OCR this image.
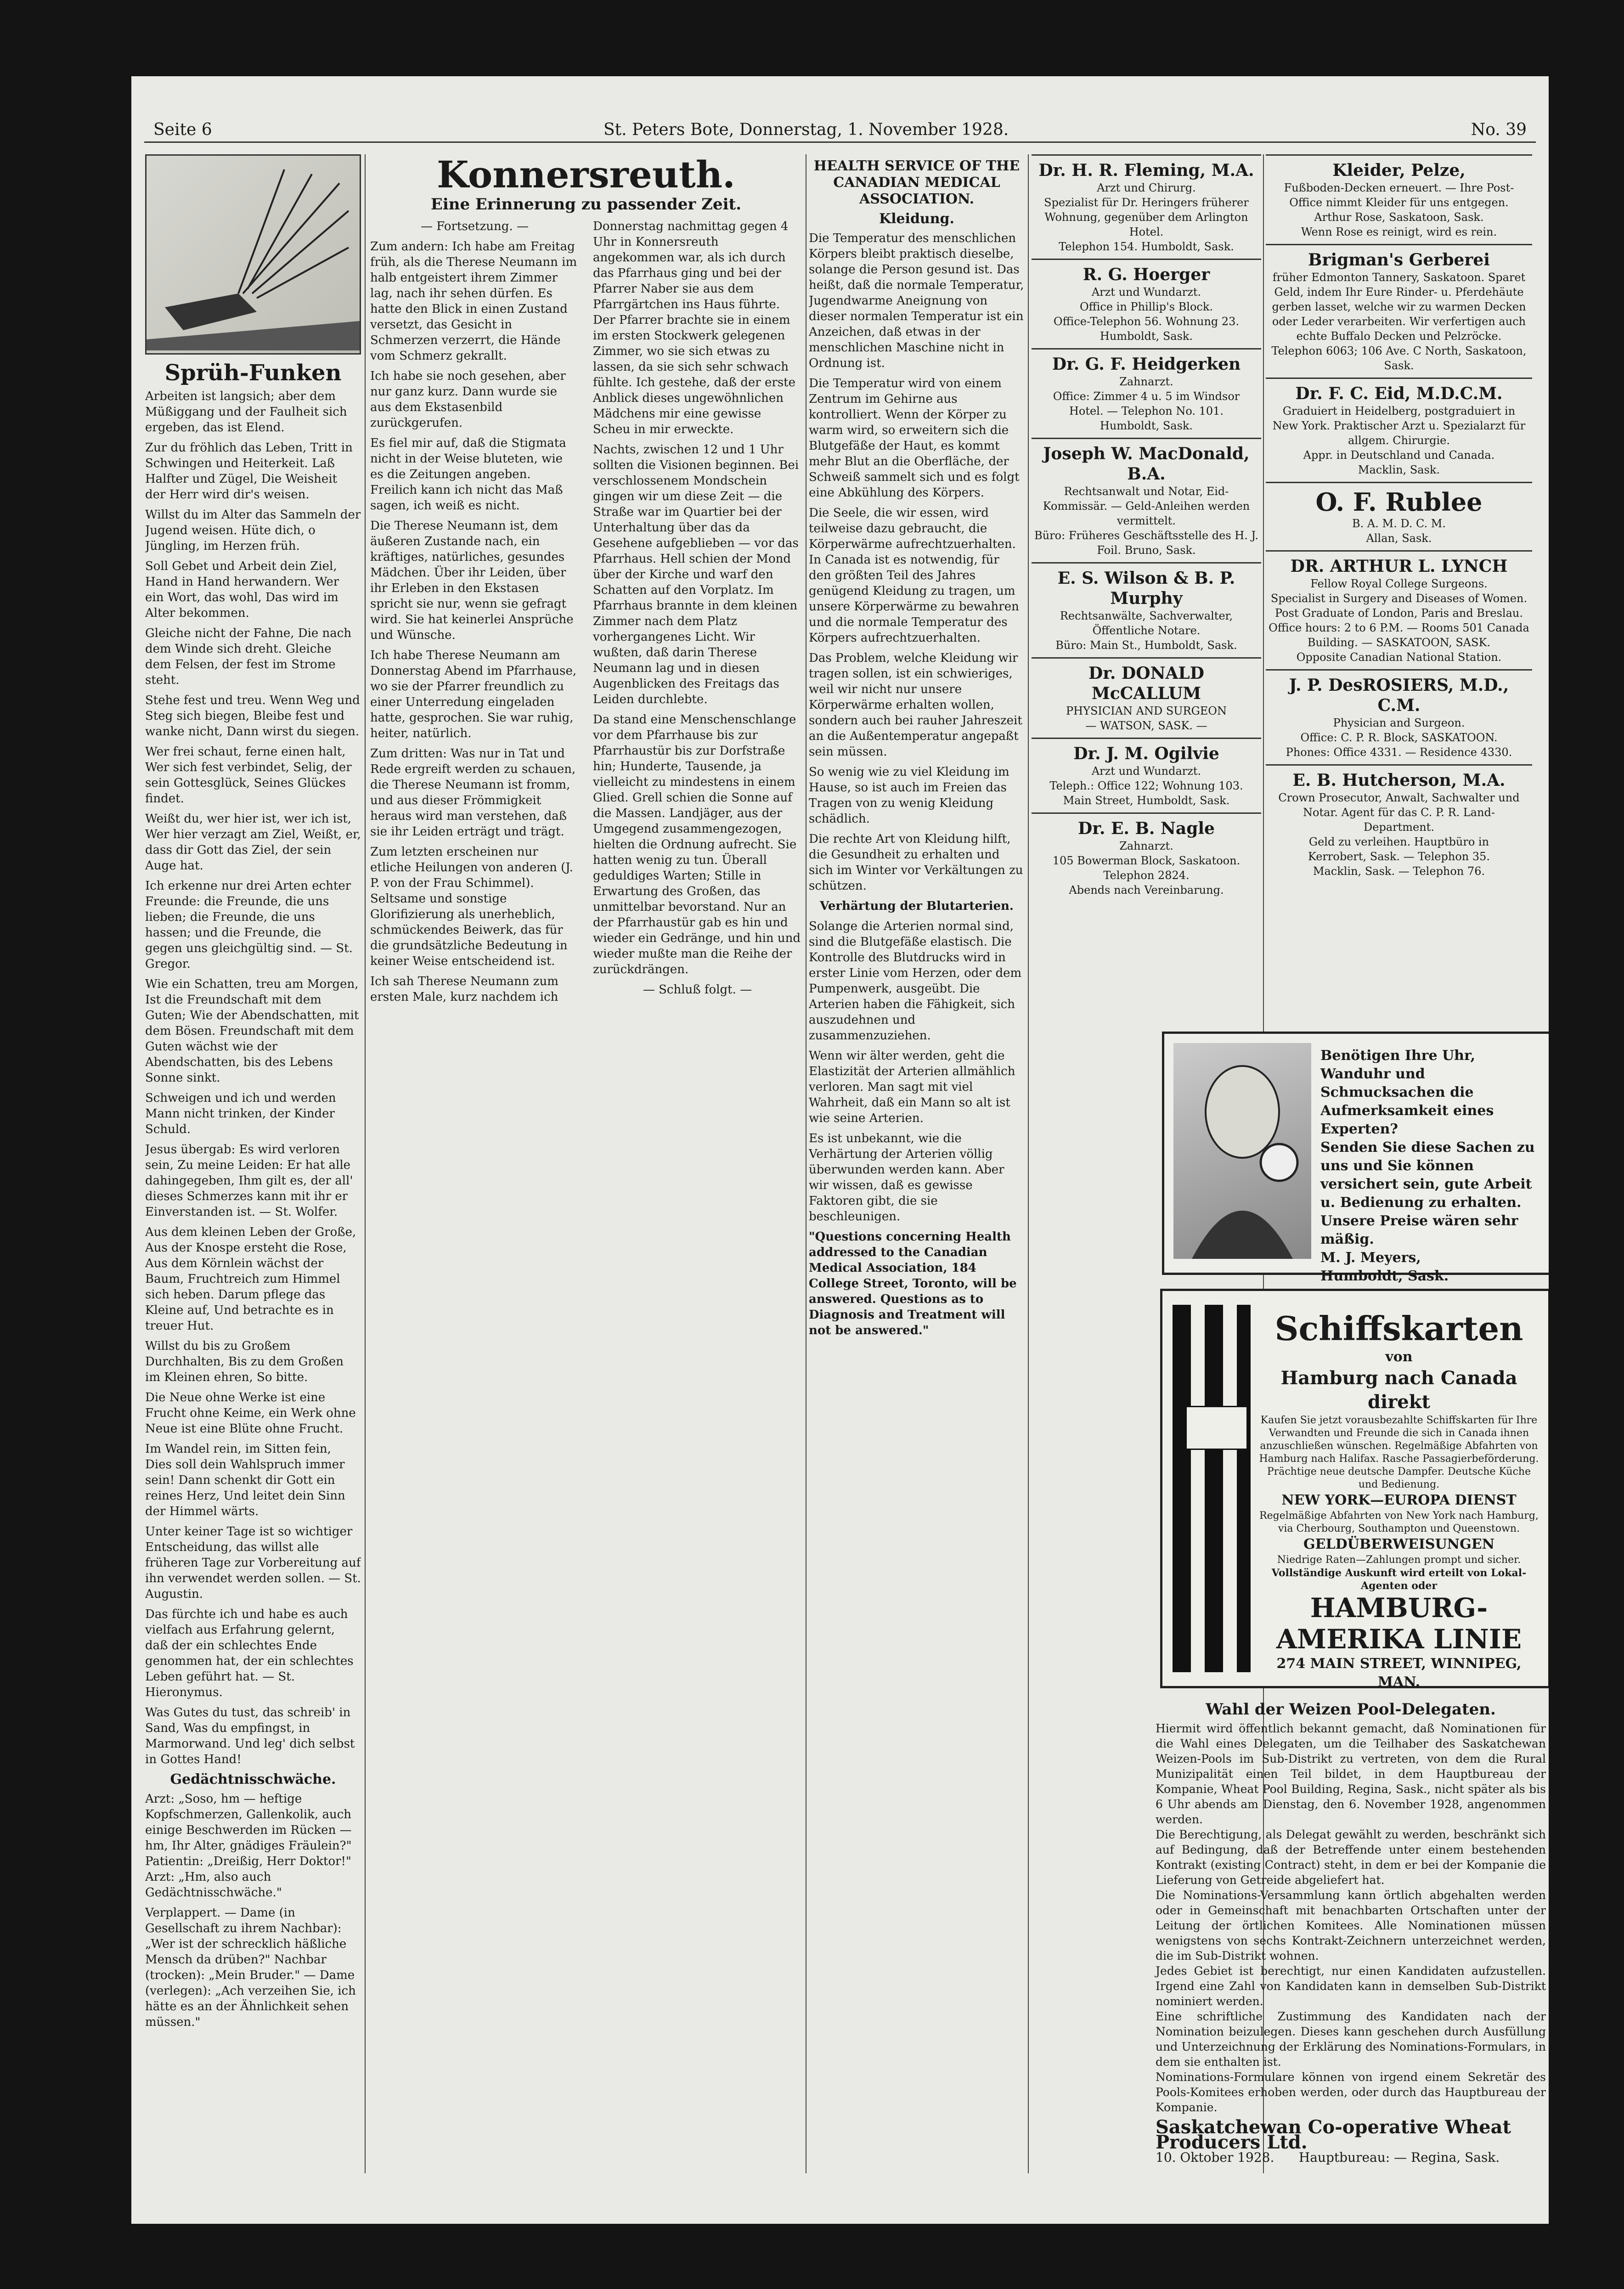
Seite 6	St. Peters Bote, Donnerstag, 1. November 1928.	No. 39
Sprüh-Funken
Arbeiten ist langsich; aber dem Müßiggang und der Faulheit sich ergeben, das ist Elend.
Zur du fröhlich das Leben, Tritt in Schwingen und Heiterkeit. Laß Halfter und Zügel, Die Weisheit der Herr wird dir's weisen.
Willst du im Alter das Sammeln der Jugend weisen. Hüte dich, o Jüngling, im Herzen früh.
Soll Gebet und Arbeit dein Ziel, Hand in Hand herwandern. Wer ein Wort, das wohl, Das wird im Alter bekommen.
Gleiche nicht der Fahne, Die nach dem Winde sich dreht. Gleiche dem Felsen, der fest im Strome steht.
Stehe fest und treu. Wenn Weg und Steg sich biegen, Bleibe fest und wanke nicht, Dann wirst du siegen.
Wer frei schaut, ferne einen halt, Wer sich fest verbindet, Selig, der sein Gottesglück, Seines Glückes findet.
Weißt du, wer hier ist, wer ich ist, Wer hier verzagt am Ziel, Weißt, er, dass dir Gott das Ziel, der sein Auge hat.
Ich erkenne nur drei Arten echter Freunde: die Freunde, die uns lieben; die Freunde, die uns hassen; und die Freunde, die gegen uns gleichgültig sind. — St. Gregor.
Wie ein Schatten, treu am Morgen, Ist die Freundschaft mit dem Guten; Wie der Abendschatten, mit dem Bösen. Freundschaft mit dem Guten wächst wie der Abendschatten, bis des Lebens Sonne sinkt.
Schweigen und ich und werden Mann nicht trinken, der Kinder Schuld.
Jesus übergab: Es wird verloren sein, Zu meine Leiden: Er hat alle dahingegeben, Ihm gilt es, der all' dieses Schmerzes kann mit ihr er Einverstanden ist. — St. Wolfer.
Aus dem kleinen Leben der Große, Aus der Knospe ersteht die Rose, Aus dem Körnlein wächst der Baum, Fruchtreich zum Himmel sich heben. Darum pflege das Kleine auf, Und betrachte es in treuer Hut.
Willst du bis zu Großem Durchhalten, Bis zu dem Großen im Kleinen ehren, So bitte.
Die Neue ohne Werke ist eine Frucht ohne Keime, ein Werk ohne Neue ist eine Blüte ohne Frucht.
Im Wandel rein, im Sitten fein, Dies soll dein Wahlspruch immer sein! Dann schenkt dir Gott ein reines Herz, Und leitet dein Sinn der Himmel wärts.
Unter keiner Tage ist so wichtiger Entscheidung, das willst alle früheren Tage zur Vorbereitung auf ihn verwendet werden sollen. — St. Augustin.
Das fürchte ich und habe es auch vielfach aus Erfahrung gelernt, daß der ein schlechtes Ende genommen hat, der ein schlechtes Leben geführt hat. — St. Hieronymus.
Was Gutes du tust, das schreib' in Sand, Was du empfingst, in Marmorwand. Und leg' dich selbst in Gottes Hand!
Gedächtnisschwäche.
Arzt: „Soso, hm — heftige Kopfschmerzen, Gallenkolik, auch einige Beschwerden im Rücken — hm, Ihr Alter, gnädiges Fräulein?" Patientin: „Dreißig, Herr Doktor!" Arzt: „Hm, also auch Gedächtnisschwäche."
Verplappert. — Dame (in Gesellschaft zu ihrem Nachbar): „Wer ist der schrecklich häßliche Mensch da drüben?" Nachbar (trocken): „Mein Bruder." — Dame (verlegen): „Ach verzeihen Sie, ich hätte es an der Ähnlichkeit sehen müssen."
Konnersreuth.
Eine Erinnerung zu passender Zeit.
— Fortsetzung. —
Zum andern: Ich habe am Freitag früh, als die Therese Neumann im halb entgeistert ihrem Zimmer lag, nach ihr sehen dürfen. Es hatte den Blick in einen Zustand versetzt, das Gesicht in Schmerzen verzerrt, die Hände vom Schmerz gekrallt.
Ich habe sie noch gesehen, aber nur ganz kurz. Dann wurde sie aus dem Ekstasenbild zurückgerufen.
Es fiel mir auf, daß die Stigmata nicht in der Weise bluteten, wie es die Zeitungen angeben. Freilich kann ich nicht das Maß sagen, ich weiß es nicht.
Die Therese Neumann ist, dem äußeren Zustande nach, ein kräftiges, natürliches, gesundes Mädchen. Über ihr Leiden, über ihr Erleben in den Ekstasen spricht sie nur, wenn sie gefragt wird. Sie hat keinerlei Ansprüche und Wünsche.
Ich habe Therese Neumann am Donnerstag Abend im Pfarrhause, wo sie der Pfarrer freundlich zu einer Unterredung eingeladen hatte, gesprochen. Sie war ruhig, heiter, natürlich.
Zum dritten: Was nur in Tat und Rede ergreift werden zu schauen, die Therese Neumann ist fromm, und aus dieser Frömmigkeit heraus wird man verstehen, daß sie ihr Leiden erträgt und trägt.
Zum letzten erscheinen nur etliche Heilungen von anderen (J. P. von der Frau Schimmel). Seltsame und sonstige Glorifizierung als unerheblich, schmückendes Beiwerk, das für die grundsätzliche Bedeutung in keiner Weise entscheidend ist.
Ich sah Therese Neumann zum ersten Male, kurz nachdem ich Donnerstag nachmittag gegen 4 Uhr in Konnersreuth angekommen war, als ich durch das Pfarrhaus ging und bei der Pfarrer Naber sie aus dem Pfarrgärtchen ins Haus führte. Der Pfarrer brachte sie in einem im ersten Stockwerk gelegenen Zimmer, wo sie sich etwas zu lassen, da sie sich sehr schwach fühlte. Ich gestehe, daß der erste Anblick dieses ungewöhnlichen Mädchens mir eine gewisse Scheu in mir erweckte.
Nachts, zwischen 12 und 1 Uhr sollten die Visionen beginnen. Bei verschlossenem Mondschein gingen wir um diese Zeit — die Straße war im Quartier bei der Unterhaltung über das da Gesehene aufgeblieben — vor das Pfarrhaus. Hell schien der Mond über der Kirche und warf den Schatten auf den Vorplatz. Im Pfarrhaus brannte in dem kleinen Zimmer nach dem Platz vorhergangenes Licht. Wir wußten, daß darin Therese Neumann lag und in diesen Augenblicken des Freitags das Leiden durchlebte.
Da stand eine Menschenschlange vor dem Pfarrhause bis zur Pfarrhaustür bis zur Dorfstraße hin; Hunderte, Tausende, ja vielleicht zu mindestens in einem Glied. Grell schien die Sonne auf die Massen. Landjäger, aus der Umgegend zusammengezogen, hielten die Ordnung aufrecht. Sie hatten wenig zu tun. Überall geduldiges Warten; Stille in Erwartung des Großen, das unmittelbar bevorstand. Nur an der Pfarrhaustür gab es hin und wieder ein Gedränge, und hin und wieder mußte man die Reihe der zurückdrängen.
— Schluß folgt. —
HEALTH SERVICE OF THE CANADIAN MEDICAL ASSOCIATION.
Kleidung.
Die Temperatur des menschlichen Körpers bleibt praktisch dieselbe, solange die Person gesund ist. Das heißt, daß die normale Temperatur, Jugendwarme Aneignung von dieser normalen Temperatur ist ein Anzeichen, daß etwas in der menschlichen Maschine nicht in Ordnung ist.
Die Temperatur wird von einem Zentrum im Gehirne aus kontrolliert. Wenn der Körper zu warm wird, so erweitern sich die Blutgefäße der Haut, es kommt mehr Blut an die Oberfläche, der Schweiß sammelt sich und es folgt eine Abkühlung des Körpers.
Die Seele, die wir essen, wird teilweise dazu gebraucht, die Körperwärme aufrechtzuerhalten. In Canada ist es notwendig, für den größten Teil des Jahres genügend Kleidung zu tragen, um unsere Körperwärme zu bewahren und die normale Temperatur des Körpers aufrechtzuerhalten.
Das Problem, welche Kleidung wir tragen sollen, ist ein schwieriges, weil wir nicht nur unsere Körperwärme erhalten wollen, sondern auch bei rauher Jahreszeit an die Außentemperatur angepaßt sein müssen.
So wenig wie zu viel Kleidung im Hause, so ist auch im Freien das Tragen von zu wenig Kleidung schädlich.
Die rechte Art von Kleidung hilft, die Gesundheit zu erhalten und sich im Winter vor Verkältungen zu schützen.
Verhärtung der Blutarterien.
Solange die Arterien normal sind, sind die Blutgefäße elastisch. Die Kontrolle des Blutdrucks wird in erster Linie vom Herzen, oder dem Pumpenwerk, ausgeübt. Die Arterien haben die Fähigkeit, sich auszudehnen und zusammenzuziehen.
Wenn wir älter werden, geht die Elastizität der Arterien allmählich verloren. Man sagt mit viel Wahrheit, daß ein Mann so alt ist wie seine Arterien.
Es ist unbekannt, wie die Verhärtung der Arterien völlig überwunden werden kann. Aber wir wissen, daß es gewisse Faktoren gibt, die sie beschleunigen.
"Questions concerning Health addressed to the Canadian Medical Association, 184 College Street, Toronto, will be answered. Questions as to Diagnosis and Treatment will not be answered."
Dr. H. R. Fleming, M.A.
Arzt und Chirurg.
Spezialist für Dr. Heringers früherer Wohnung, gegenüber dem Arlington Hotel.
Telephon 154. Humboldt, Sask.
R. G. Hoerger
Arzt und Wundarzt.
Office in Phillip's Block.
Office-Telephon 56. Wohnung 23.
Humboldt, Sask.
Dr. G. F. Heidgerken
Zahnarzt.
Office: Zimmer 4 u. 5 im Windsor Hotel. — Telephon No. 101.
Humboldt, Sask.
Joseph W. MacDonald, B.A.
Rechtsanwalt und Notar, Eid-Kommissär. — Geld-Anleihen werden vermittelt.
Büro: Früheres Geschäftsstelle des H. J. Foil. Bruno, Sask.
E. S. Wilson & B. P. Murphy
Rechtsanwälte, Sachverwalter, Öffentliche Notare.
Büro: Main St., Humboldt, Sask.
Dr. DONALD McCALLUM
PHYSICIAN AND SURGEON
— WATSON, SASK. —
Dr. J. M. Ogilvie
Arzt und Wundarzt.
Teleph.: Office 122; Wohnung 103.
Main Street, Humboldt, Sask.
Dr. E. B. Nagle
Zahnarzt.
105 Bowerman Block, Saskatoon.
Telephon 2824.
Abends nach Vereinbarung.
Kleider, Pelze,
Fußboden-Decken erneuert. — Ihre Post-Office nimmt Kleider für uns entgegen.
Arthur Rose, Saskatoon, Sask.
Wenn Rose es reinigt, wird es rein.
Brigman's Gerberei
früher Edmonton Tannery, Saskatoon. Sparet Geld, indem Ihr Eure Rinder- u. Pferdehäute gerben lasset, welche wir zu warmen Decken oder Leder verarbeiten. Wir verfertigen auch echte Buffalo Decken und Pelzröcke.
Telephon 6063; 106 Ave. C North, Saskatoon, Sask.
Dr. F. C. Eid, M.D.C.M.
Graduiert in Heidelberg, postgraduiert in New York. Praktischer Arzt u. Spezialarzt für allgem. Chirurgie.
Appr. in Deutschland und Canada.
Macklin, Sask.
O. F. Rublee
B. A. M. D. C. M.
Allan, Sask.
DR. ARTHUR L. LYNCH
Fellow Royal College Surgeons.
Specialist in Surgery and Diseases of Women. Post Graduate of London, Paris and Breslau. Office hours: 2 to 6 P.M. — Rooms 501 Canada Building. — SASKATOON, SASK.
Opposite Canadian National Station.
J. P. DesROSIERS, M.D., C.M.
Physician and Surgeon.
Office: C. P. R. Block, SASKATOON.
Phones: Office 4331. — Residence 4330.
E. B. Hutcherson, M.A.
Crown Prosecutor, Anwalt, Sachwalter und Notar. Agent für das C. P. R. Land-Department.
Geld zu verleihen. Hauptbüro in
Kerrobert, Sask. — Telephon 35.
Macklin, Sask. — Telephon 76.
Benötigen Ihre Uhr, Wanduhr und Schmucksachen die Aufmerksamkeit eines Experten?
Senden Sie diese Sachen zu uns und Sie können versichert sein, gute Arbeit u. Bedienung zu erhalten. Unsere Preise wären sehr mäßig.
M. J. Meyers,
Humboldt, Sask.
Schiffskarten
von
Hamburg nach Canada direkt
Kaufen Sie jetzt vorausbezahlte Schiffskarten für Ihre Verwandten und Freunde die sich in Canada ihnen anzuschließen wünschen. Regelmäßige Abfahrten von Hamburg nach Halifax. Rasche Passagierbeförderung. Prächtige neue deutsche Dampfer. Deutsche Küche und Bedienung.
NEW YORK—EUROPA DIENST
Regelmäßige Abfahrten von New York nach Hamburg, via Cherbourg, Southampton und Queenstown.
GELDÜBERWEISUNGEN
Niedrige Raten—Zahlungen prompt und sicher.
Vollständige Auskunft wird erteilt von Lokal-Agenten oder
HAMBURG-AMERIKA LINIE
274 MAIN STREET, WINNIPEG, MAN.
Wahl der Weizen Pool-Delegaten.
Hiermit wird öffentlich bekannt gemacht, daß Nominationen für die Wahl eines Delegaten, um die Teilhaber des Saskatchewan Weizen-Pools im Sub-Distrikt zu vertreten, von dem die Rural Munizipalität einen Teil bildet, in dem Hauptbureau der Kompanie, Wheat Pool Building, Regina, Sask., nicht später als bis 6 Uhr abends am Dienstag, den 6. November 1928, angenommen werden.
Die Berechtigung, als Delegat gewählt zu werden, beschränkt sich auf Bedingung, daß der Betreffende unter einem bestehenden Kontrakt (existing Contract) steht, in dem er bei der Kompanie die Lieferung von Getreide abgeliefert hat.
Die Nominations-Versammlung kann örtlich abgehalten werden oder in Gemeinschaft mit benachbarten Ortschaften unter der Leitung der örtlichen Komitees. Alle Nominationen müssen wenigstens von sechs Kontrakt-Zeichnern unterzeichnet werden, die im Sub-Distrikt wohnen.
Jedes Gebiet ist berechtigt, nur einen Kandidaten aufzustellen. Irgend eine Zahl von Kandidaten kann in demselben Sub-Distrikt nominiert werden.
Eine schriftliche Zustimmung des Kandidaten nach der Nomination beizulegen. Dieses kann geschehen durch Ausfüllung und Unterzeichnung der Erklärung des Nominations-Formulars, in dem sie enthalten ist.
Nominations-Formulare können von irgend einem Sekretär des Pools-Komitees erhoben werden, oder durch das Hauptbureau der Kompanie.
Saskatchewan Co-operative Wheat Producers Ltd.
10. Oktober 1928. Hauptbureau: — Regina, Sask.
